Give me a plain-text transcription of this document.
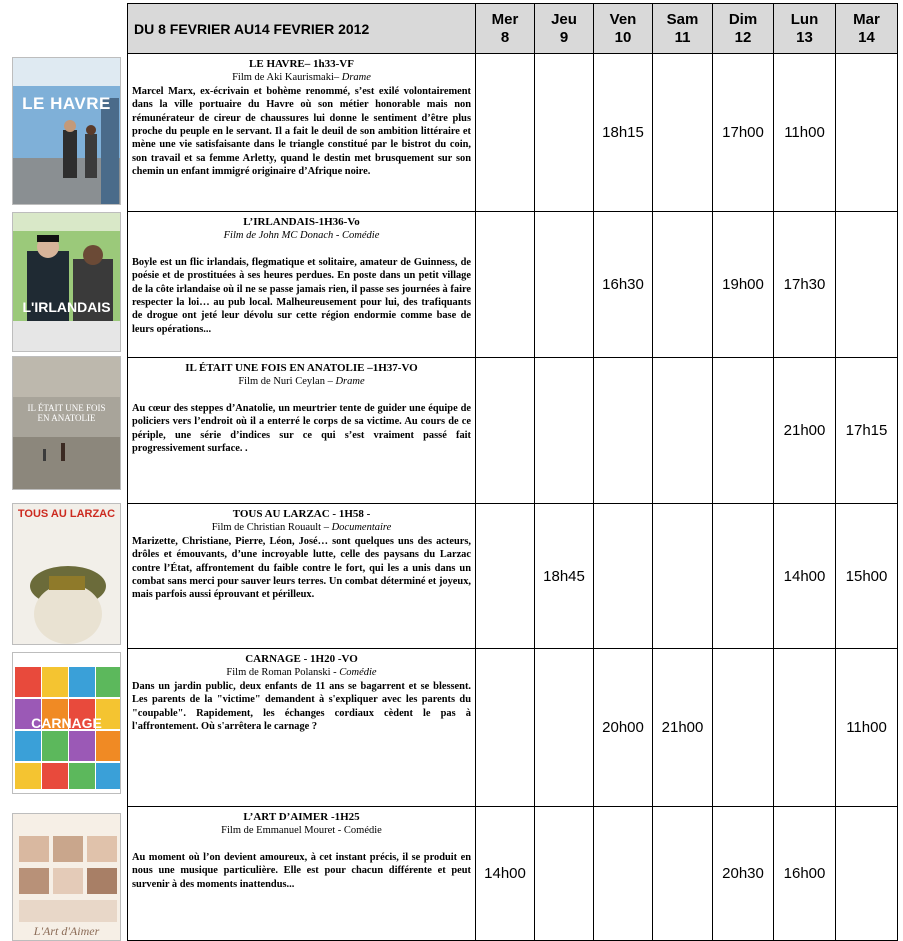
LE HAVRE
L'IRLANDAIS
IL ÉTAIT UNE FOIS EN ANATOLIE
TOUS AU LARZAC
CARNAGE
L'Art d'Aimer
DU 8 FEVRIER AU14 FEVRIER 2012	Mer
8	Jeu
9	Ven
10	Sam
11	Dim
12	Lun
13	Mar
14

LE HAVRE– 1h33-VF
Film de Aki Kaurismaki– Drame
Marcel Marx, ex-écrivain et bohème renommé, s’est exilé volontairement dans la ville portuaire du Havre où son métier honorable mais non rémunérateur de cireur de chaussures lui donne le sentiment d’être plus proche du peuple en le servant. Il a fait le deuil de son ambition littéraire et mène une vie satisfaisante dans le triangle constitué par le bistrot du coin, son travail et sa femme Arletty, quand le destin met brusquement sur son chemin un enfant immigré originaire d’Afrique noire.			18h15		17h00	11h00	

L’IRLANDAIS-1H36-Vo
Film de John MC Donach - Comédie
Boyle est un flic irlandais, flegmatique et solitaire, amateur de Guinness, de poésie et de prostituées à ses heures perdues. En poste dans un petit village de la côte irlandaise où il ne se passe jamais rien, il passe ses journées à faire respecter la loi… au pub local. Malheureusement pour lui, des trafiquants de drogue ont jeté leur dévolu sur cette région endormie comme base de leurs opérations...			16h30		19h00	17h30	

IL ÉTAIT UNE FOIS EN ANATOLIE –1H37-VO
Film de Nuri Ceylan – Drame
Au cœur des steppes d’Anatolie, un meurtrier tente de guider une équipe de policiers vers l’endroit où il a enterré le corps de sa victime. Au cours de ce périple, une série d’indices sur ce qui s’est vraiment passé fait progressivement surface. .						21h00	17h15

TOUS AU LARZAC - 1H58 -
Film de Christian Rouault – Documentaire
Marizette, Christiane, Pierre, Léon, José… sont quelques uns des acteurs, drôles et émouvants, d’une incroyable lutte, celle des paysans du Larzac contre l’État, affrontement du faible contre le fort, qui les a unis dans un combat sans merci pour sauver leurs terres. Un combat déterminé et joyeux, mais parfois aussi éprouvant et périlleux.		18h45				14h00	15h00

CARNAGE - 1H20 -VO
Film de Roman Polanski - Comédie
Dans un jardin public, deux enfants de 11 ans se bagarrent et se blessent. Les parents de la "victime" demandent à s'expliquer avec les parents du "coupable". Rapidement, les échanges cordiaux cèdent le pas à l'affrontement. Où s'arrêtera le carnage ?			20h00	21h00			11h00

L’ART D’AIMER -1H25
Film de Emmanuel Mouret - Comédie
Au moment où l’on devient amoureux, à cet instant précis, il se produit en nous une musique particulière. Elle est pour chacun différente et peut survenir à des moments inattendus...	14h00				20h30	16h00	
